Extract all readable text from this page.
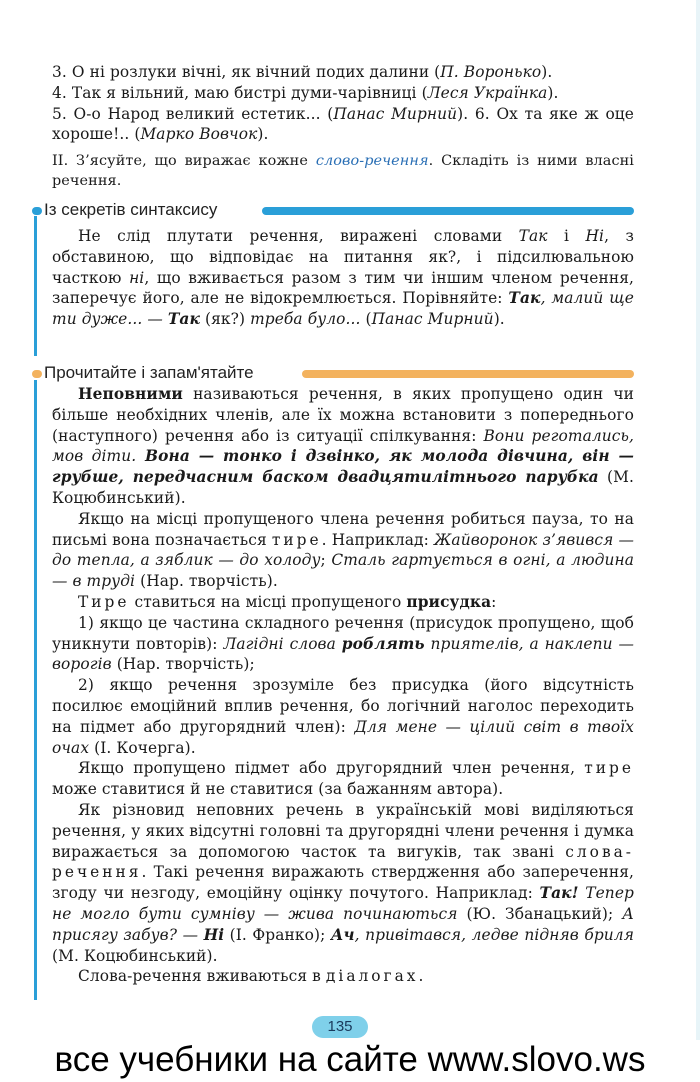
3. О ні розлуки вічні, як вічний подих далини (П. Воронько).

4. Так я вільний, маю бистрі думи-чарівниці (Леся Українка).

5. О-о Народ великий естетик... (Панас Мирний). 6. Ох та яке ж оце хороше!.. (Марко Вовчок).

II. З’ясуйте, що виражає кожне слово-речення. Складіть із ними власні речення.

Із секретів синтаксису

Не слід плутати речення, виражені словами Так і Ні, з обставиною, що відповідає на питання як?, і підсилювальною часткою ні, що вживається разом з тим чи іншим членом речення, заперечує його, але не відокремлюється. Порівняйте: Так, малий ще ти дуже... — Так (як?) треба було... (Панас Мирний).

Прочитайте і запам'ятайте

Неповними називаються речення, в яких пропущено один чи більше необхідних членів, але їх можна встановити з попереднього (наступного) речення або із ситуації спілкування: Вони реготались, мов діти. Вона — тонко і дзвінко, як молода дівчина, він — грубше, передчасним баском двадцятилітнього парубка (М. Коцюбинський).

Якщо на місці пропущеного члена речення робиться пауза, то на письмі вона позначається тире. Наприклад: Жайворонок з’явився — до тепла, а зяблик — до холоду; Сталь гартується в огні, а людина — в труді (Нар. творчість).

Тире ставиться на місці пропущеного присудка:

1) якщо це частина складного речення (присудок пропущено, щоб уникнути повторів): Лагідні слова роблять приятелів, а наклепи — ворогів (Нар. творчість);

2) якщо речення зрозуміле без присудка (його відсутність посилює емоційний вплив речення, бо логічний наголос переходить на підмет або другорядний член): Для мене — цілий світ в твоїх очах (І. Кочерга).

Якщо пропущено підмет або другорядний член речення, тире може ставитися й не ставитися (за бажанням автора).

Як різновид неповних речень в українській мові виділяються речення, у яких відсутні головні та другорядні члени речення і думка виражається за допомогою часток та вигуків, так звані слова-речення. Такі речення виражають ствердження або заперечення, згоду чи незгоду, емоційну оцінку почутого. Наприклад: Так! Тепер не могло бути сумніву — жива починаються (Ю. Збанацький); А присягу забув? — Ні (І. Франко); Ач, привітався, ледве підняв бриля (М. Коцюбинський).

Слова-речення вживаються в діалогах.

135
все учебники на сайте www.slovo.ws
